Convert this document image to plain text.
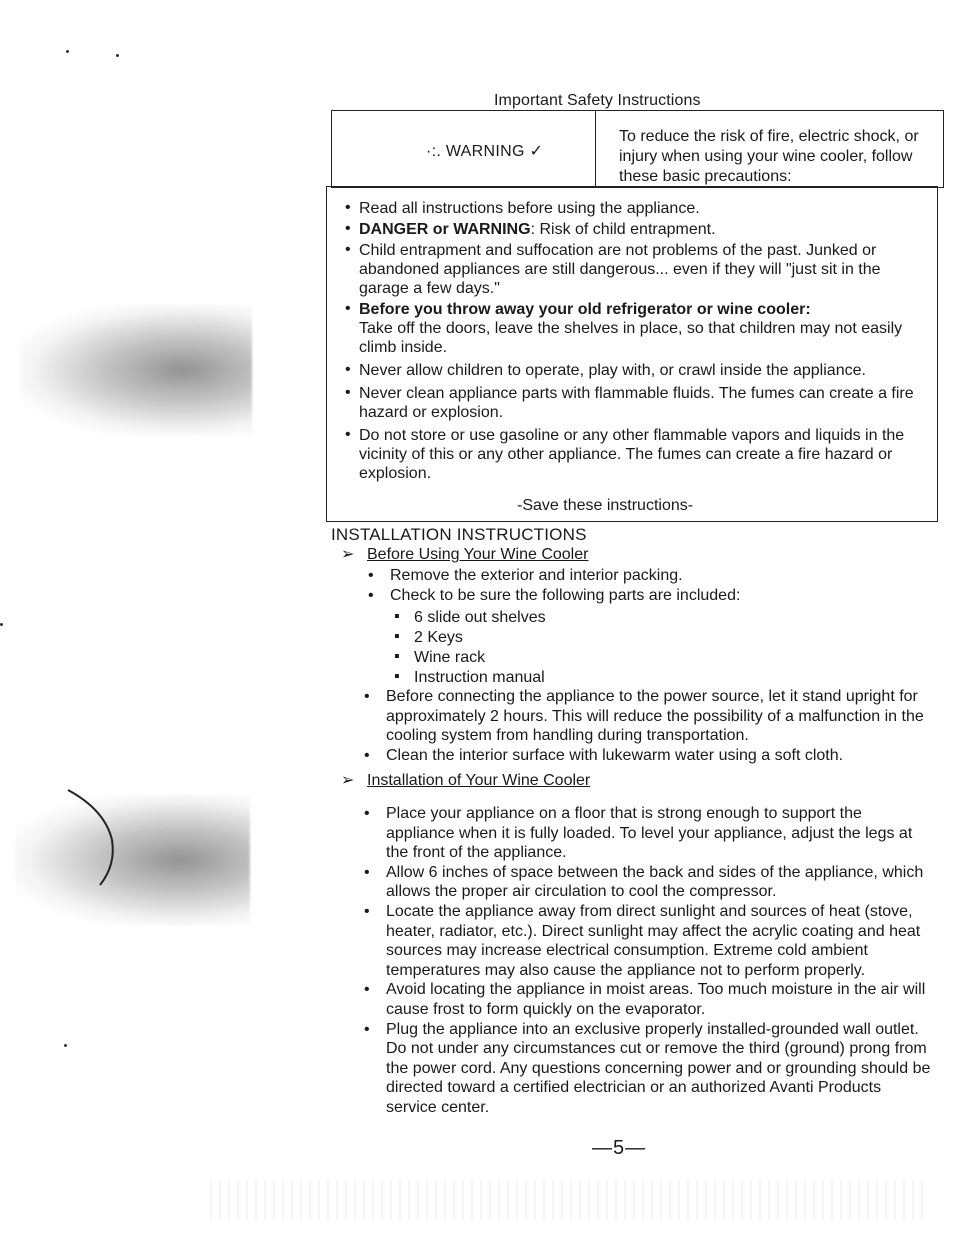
Important Safety Instructions
·:. WARNING ✓
To reduce the risk of fire, electric shock, or injury when using your wine cooler, follow these basic precautions:
• Read all instructions before using the appliance.
• DANGER or WARNING: Risk of child entrapment.
• Child entrapment and suffocation are not problems of the past. Junked or abandoned appliances are still dangerous... even if they will "just sit in the garage a few days."
• Before you throw away your old refrigerator or wine cooler:
Take off the doors, leave the shelves in place, so that children may not easily climb inside.
• Never allow children to operate, play with, or crawl inside the appliance.
• Never clean appliance parts with flammable fluids. The fumes can create a fire hazard or explosion.
• Do not store or use gasoline or any other flammable vapors and liquids in the vicinity of this or any other appliance. The fumes can create a fire hazard or explosion.
-Save these instructions-
INSTALLATION INSTRUCTIONS
➢ Before Using Your Wine Cooler
• Remove the exterior and interior packing.
• Check to be sure the following parts are included:
▪ 6 slide out shelves
▪ 2 Keys
▪ Wine rack
▪ Instruction manual
• Before connecting the appliance to the power source, let it stand upright for approximately 2 hours. This will reduce the possibility of a malfunction in the cooling system from handling during transportation.
• Clean the interior surface with lukewarm water using a soft cloth.
➢ Installation of Your Wine Cooler
• Place your appliance on a floor that is strong enough to support the appliance when it is fully loaded. To level your appliance, adjust the legs at the front of the appliance.
• Allow 6 inches of space between the back and sides of the appliance, which allows the proper air circulation to cool the compressor.
• Locate the appliance away from direct sunlight and sources of heat (stove, heater, radiator, etc.). Direct sunlight may affect the acrylic coating and heat sources may increase electrical consumption. Extreme cold ambient temperatures may also cause the appliance not to perform properly.
• Avoid locating the appliance in moist areas. Too much moisture in the air will cause frost to form quickly on the evaporator.
• Plug the appliance into an exclusive properly installed-grounded wall outlet. Do not under any circumstances cut or remove the third (ground) prong from the power cord. Any questions concerning power and or grounding should be directed toward a certified electrician or an authorized Avanti Products service center.
—5—
